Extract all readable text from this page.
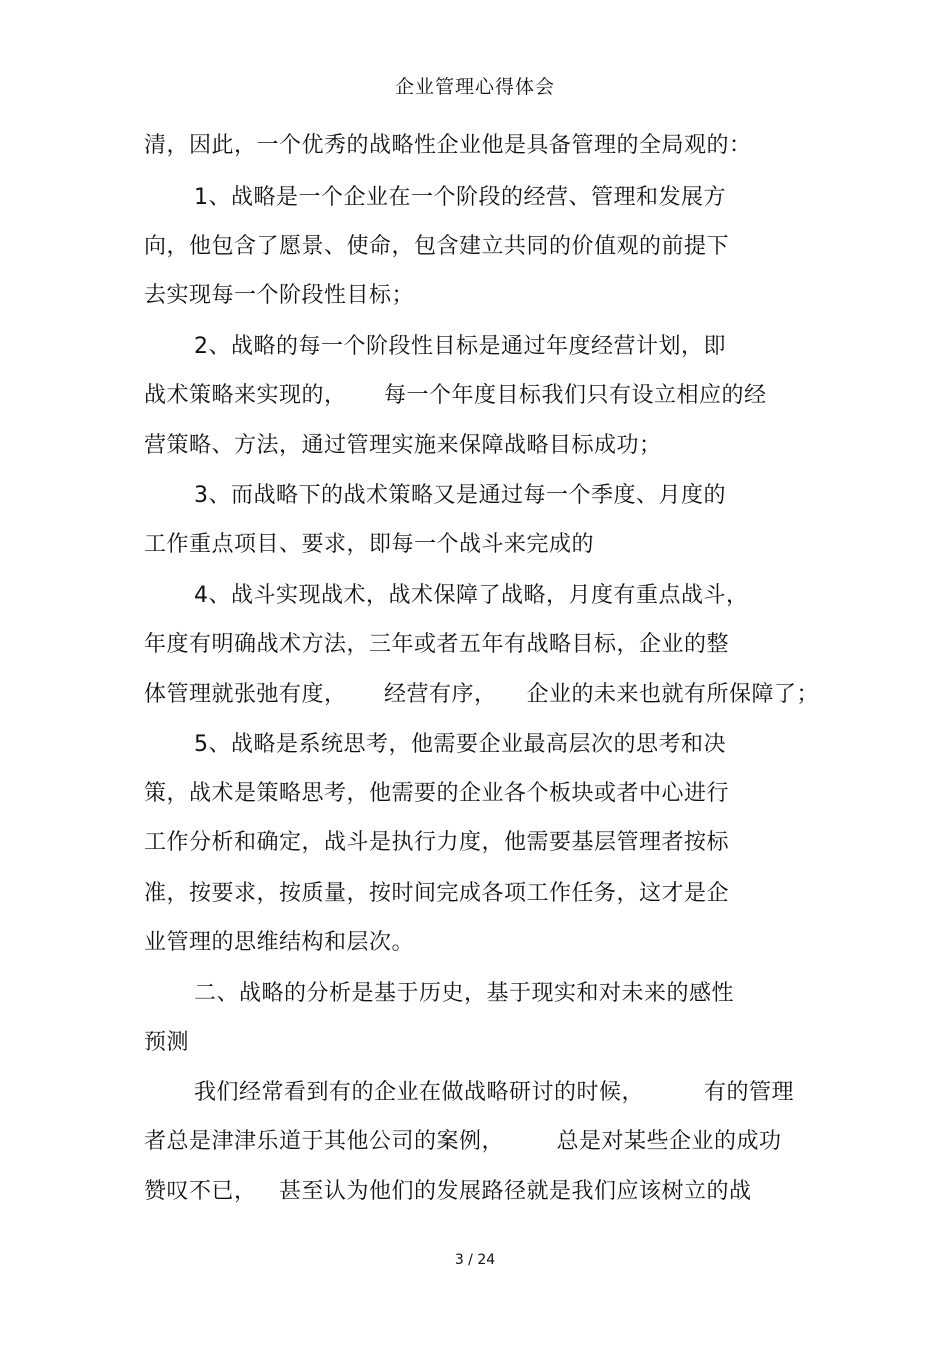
企业管理心得体会
清，因此，一个优秀的战略性企业他是具备管理的全局观的：
1、战略是一个企业在一个阶段的经营、管理和发展方
向，他包含了愿景、使命，包含建立共同的价值观的前提下
去实现每一个阶段性目标；
2、战略的每一个阶段性目标是通过年度经营计划，即
战术策略来实现的，     每一个年度目标我们只有设立相应的经
营策略、方法，通过管理实施来保障战略目标成功；
3、而战略下的战术策略又是通过每一个季度、月度的
工作重点项目、要求，即每一个战斗来完成的
4、战斗实现战术，战术保障了战略，月度有重点战斗，
年度有明确战术方法，三年或者五年有战略目标，企业的整
体管理就张弛有度，     经营有序，    企业的未来也就有所保障了；
5、战略是系统思考，他需要企业最高层次的思考和决
策，战术是策略思考，他需要的企业各个板块或者中心进行
工作分析和确定，战斗是执行力度，他需要基层管理者按标
准，按要求，按质量，按时间完成各项工作任务，这才是企
业管理的思维结构和层次。
二、战略的分析是基于历史，基于现实和对未来的感性
预测
我们经常看到有的企业在做战略研讨的时候，        有的管理
者总是津津乐道于其他公司的案例，       总是对某些企业的成功
赞叹不已，   甚至认为他们的发展路径就是我们应该树立的战
3 / 24
